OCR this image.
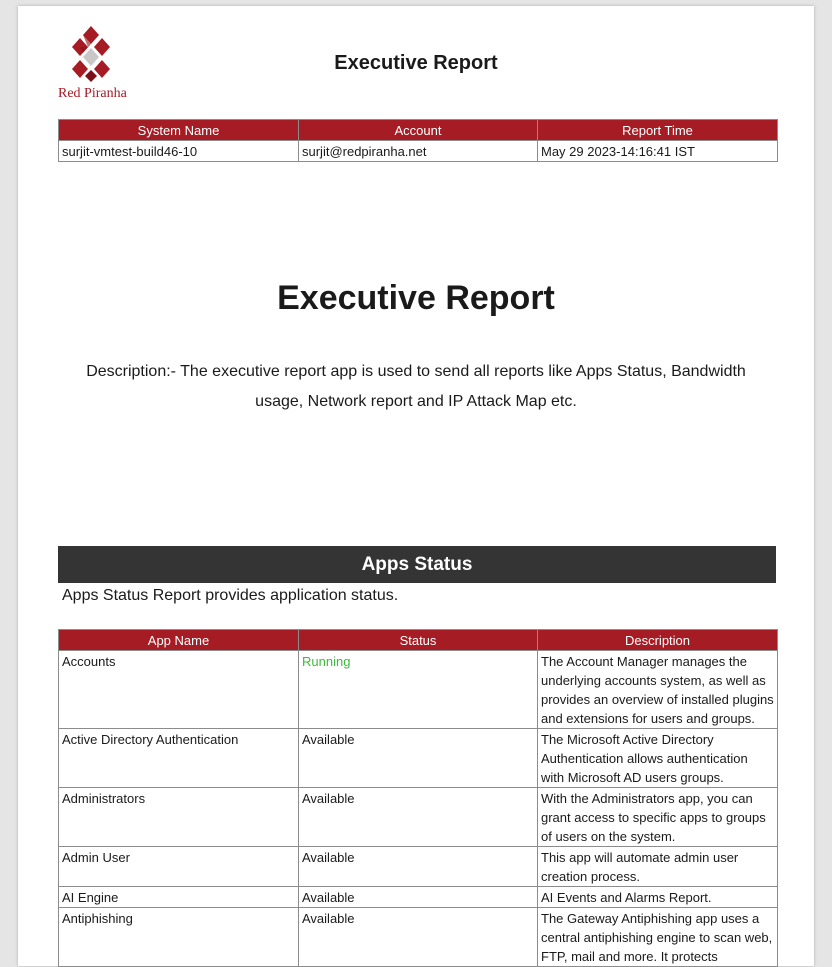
Red Piranha
Executive Report
System Name	Account	Report Time
surjit-vmtest-build46-10	surjit@redpiranha.net	May 29 2023-14:16:41 IST
Executive Report
Description:- The executive report app is used to send all reports like Apps Status, Bandwidth usage, Network report and IP Attack Map etc.
Apps Status
Apps Status Report provides application status.
App Name	Status	Description
Accounts	Running	The Account Manager manages the underlying accounts system, as well as provides an overview of installed plugins and extensions for users and groups.
Active Directory Authentication	Available	The Microsoft Active Directory Authentication allows authentication with Microsoft AD users groups.
Administrators	Available	With the Administrators app, you can grant access to specific apps to groups of users on the system.
Admin User	Available	This app will automate admin user creation process.
AI Engine	Available	AI Events and Alarms Report.
Antiphishing	Available	The Gateway Antiphishing app uses a central antiphishing engine to scan web, FTP, mail and more. It protects
